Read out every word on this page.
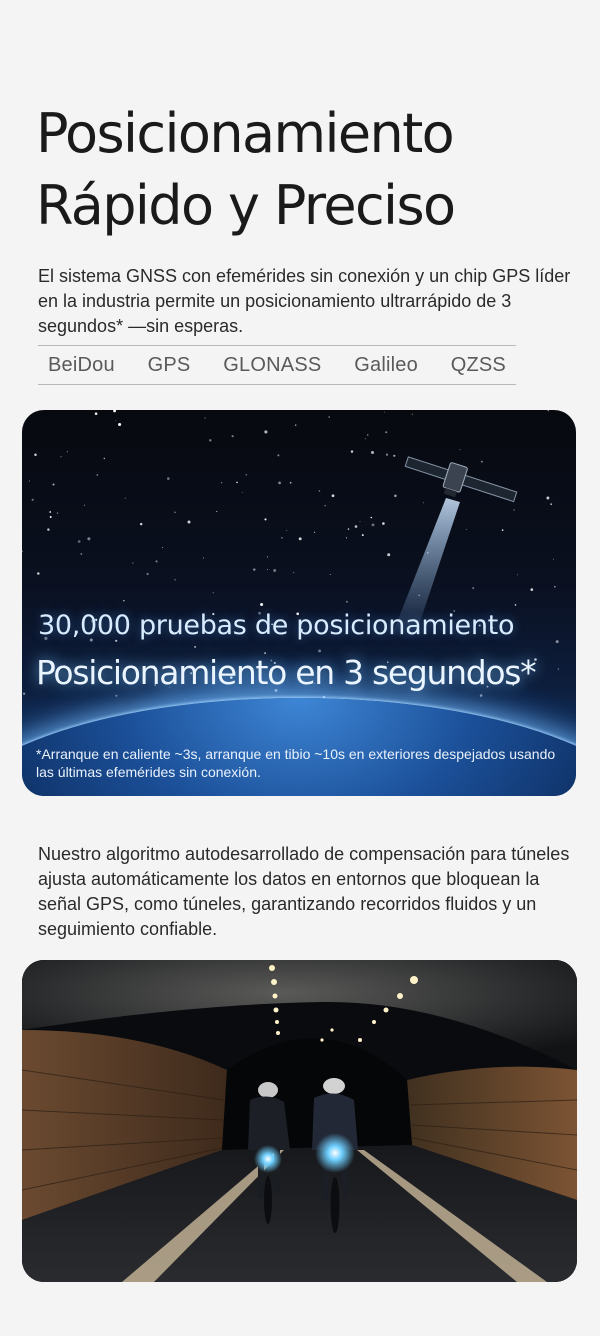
Posicionamiento
Rápido y Preciso

El sistema GNSS con efemérides sin conexión y un chip GPS líder en la industria permite un posicionamiento ultrarrápido de 3 segundos* —sin esperas.

BeiDou GPS GLONASS Galileo QZSS

30,000 pruebas de posicionamiento

Posicionamiento en 3 segundos*

*Arranque en caliente ~3s, arranque en tibio ~10s en exteriores despejados usando las últimas efemérides sin conexión.

Nuestro algoritmo autodesarrollado de compensación para túneles ajusta automáticamente los datos en entornos que bloquean la señal GPS, como túneles, garantizando recorridos fluidos y un seguimiento confiable.
